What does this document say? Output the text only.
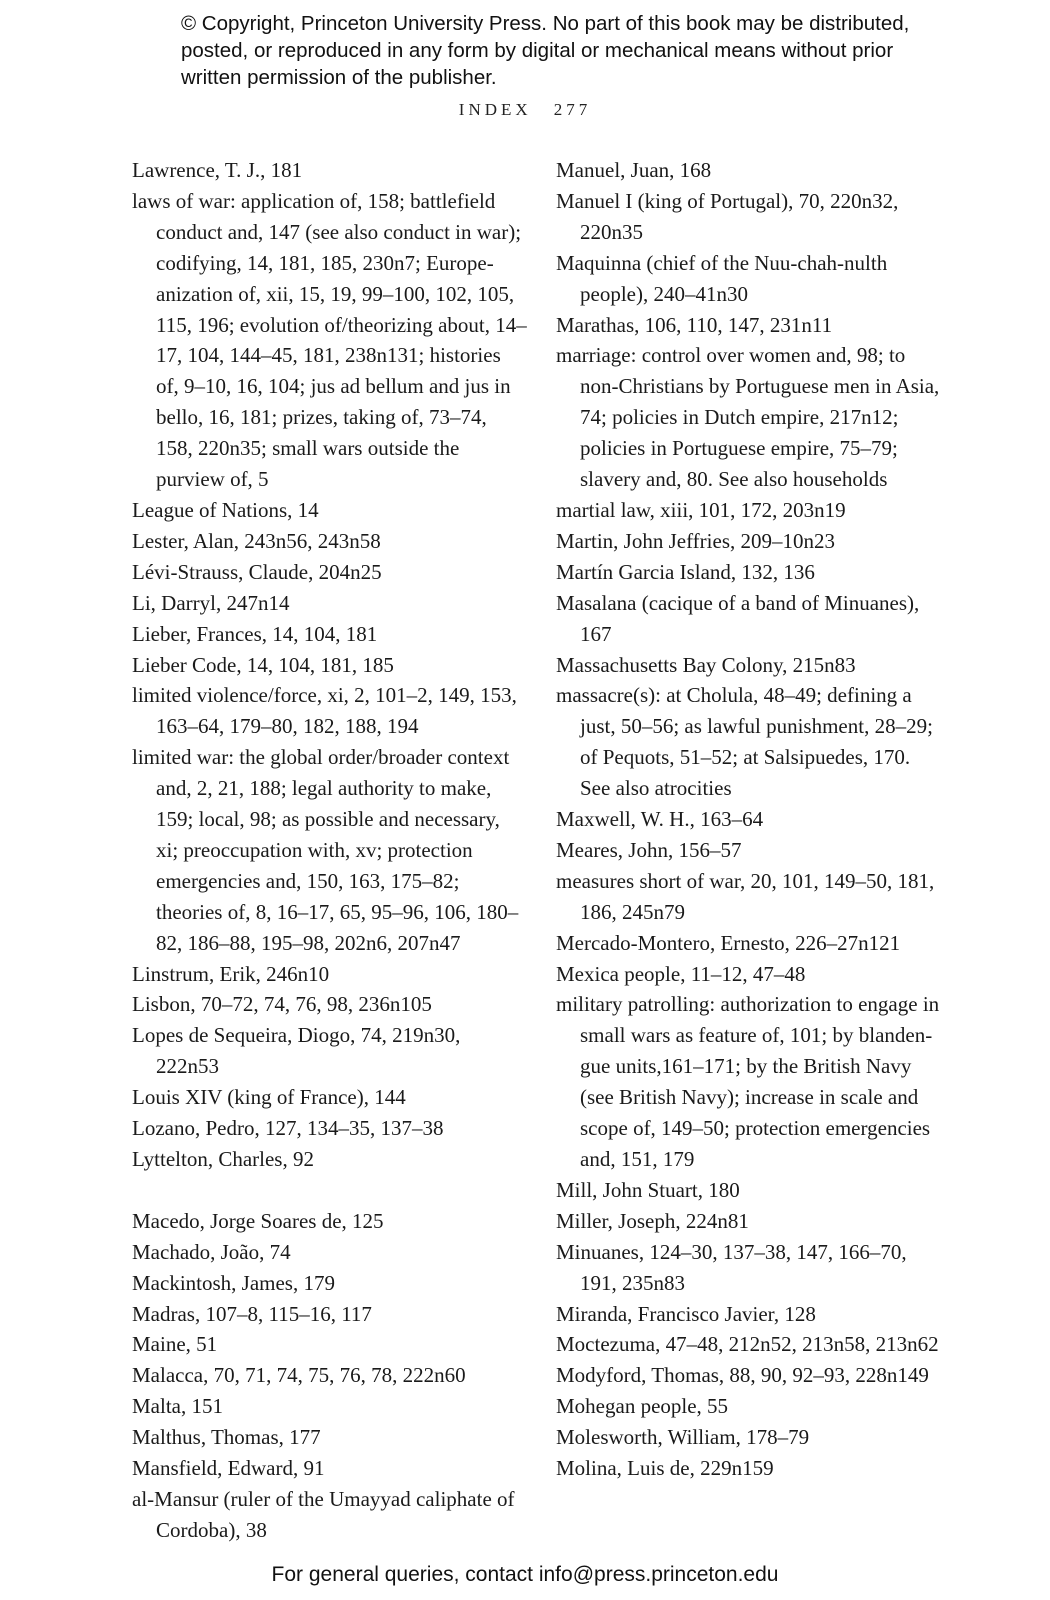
© Copyright, Princeton University Press. No part of this book may be distributed, posted, or reproduced in any form by digital or mechanical means without prior written permission of the publisher.
INDEX 277
Lawrence, T. J., 181
laws of war: application of, 158; battlefield conduct and, 147 (see also conduct in war); codifying, 14, 181, 185, 230n7; Europeanization of, xii, 15, 19, 99–100, 102, 105, 115, 196; evolution of/theorizing about, 14–17, 104, 144–45, 181, 238n131; histories of, 9–10, 16, 104; jus ad bellum and jus in bello, 16, 181; prizes, taking of, 73–74, 158, 220n35; small wars outside the purview of, 5
League of Nations, 14
Lester, Alan, 243n56, 243n58
Lévi-Strauss, Claude, 204n25
Li, Darryl, 247n14
Lieber, Frances, 14, 104, 181
Lieber Code, 14, 104, 181, 185
limited violence/force, xi, 2, 101–2, 149, 153, 163–64, 179–80, 182, 188, 194
limited war: the global order/broader context and, 2, 21, 188; legal authority to make, 159; local, 98; as possible and necessary, xi; preoccupation with, xv; protection emergencies and, 150, 163, 175–82; theories of, 8, 16–17, 65, 95–96, 106, 180–82, 186–88, 195–98, 202n6, 207n47
Linstrum, Erik, 246n10
Lisbon, 70–72, 74, 76, 98, 236n105
Lopes de Sequeira, Diogo, 74, 219n30, 222n53
Louis XIV (king of France), 144
Lozano, Pedro, 127, 134–35, 137–38
Lyttelton, Charles, 92
Macedo, Jorge Soares de, 125
Machado, João, 74
Mackintosh, James, 179
Madras, 107–8, 115–16, 117
Maine, 51
Malacca, 70, 71, 74, 75, 76, 78, 222n60
Malta, 151
Malthus, Thomas, 177
Mansfield, Edward, 91
al-Mansur (ruler of the Umayyad caliphate of Cordoba), 38
Manuel, Juan, 168
Manuel I (king of Portugal), 70, 220n32, 220n35
Maquinna (chief of the Nuu-chah-nulth people), 240–41n30
Marathas, 106, 110, 147, 231n11
marriage: control over women and, 98; to non-Christians by Portuguese men in Asia, 74; policies in Dutch empire, 217n12; policies in Portuguese empire, 75–79; slavery and, 80. See also households
martial law, xiii, 101, 172, 203n19
Martin, John Jeffries, 209–10n23
Martín Garcia Island, 132, 136
Masalana (cacique of a band of Minuanes), 167
Massachusetts Bay Colony, 215n83
massacre(s): at Cholula, 48–49; defining a just, 50–56; as lawful punishment, 28–29; of Pequots, 51–52; at Salsipuedes, 170. See also atrocities
Maxwell, W. H., 163–64
Meares, John, 156–57
measures short of war, 20, 101, 149–50, 181, 186, 245n79
Mercado-Montero, Ernesto, 226–27n121
Mexica people, 11–12, 47–48
military patrolling: authorization to engage in small wars as feature of, 101; by blandengue units,161–171; by the British Navy (see British Navy); increase in scale and scope of, 149–50; protection emergencies and, 151, 179
Mill, John Stuart, 180
Miller, Joseph, 224n81
Minuanes, 124–30, 137–38, 147, 166–70, 191, 235n83
Miranda, Francisco Javier, 128
Moctezuma, 47–48, 212n52, 213n58, 213n62
Modyford, Thomas, 88, 90, 92–93, 228n149
Mohegan people, 55
Molesworth, William, 178–79
Molina, Luis de, 229n159
For general queries, contact info@press.princeton.edu
